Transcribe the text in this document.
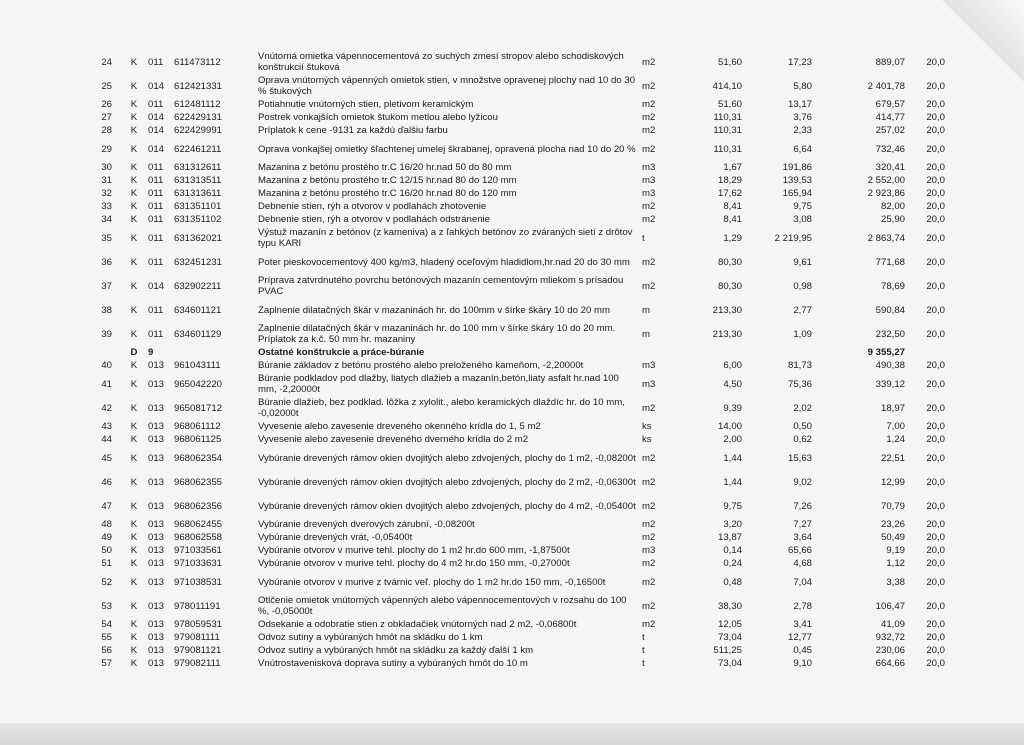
24	K	011	611473112	Vnútorná omietka vápennocementová zo suchých zmesí stropov alebo schodiskových konštrukcií štuková	m2	51,60	17,23	889,07	20,0
25	K	014	612421331	Oprava vnútorných vápenných omietok stien, v množstve opravenej plochy nad 10 do 30 % štukových	m2	414,10	5,80	2 401,78	20,0
26	K	011	612481112	Potiahnutie vnútorných stien, pletivom keramickým	m2	51,60	13,17	679,57	20,0
27	K	014	622429131	Postrek vonkajších omietok štukom metlou alebo lyžicou	m2	110,31	3,76	414,77	20,0
28	K	014	622429991	Príplatok k cene -9131 za každú ďalšiu farbu	m2	110,31	2,33	257,02	20,0
29	K	014	622461211	Oprava vonkajšej omietky šľachtenej umelej škrabanej, opravená plocha nad 10 do 20 %	m2	110,31	6,64	732,46	20,0
30	K	011	631312611	Mazanina z betónu prostého tr.C 16/20 hr.nad 50 do 80 mm	m3	1,67	191,86	320,41	20,0
31	K	011	631313511	Mazanina z betónu prostého tr.C 12/15 hr.nad 80 do 120 mm	m3	18,29	139,53	2 552,00	20,0
32	K	011	631313611	Mazanina z betónu prostého tr.C 16/20 hr.nad 80 do 120 mm	m3	17,62	165,94	2 923,86	20,0
33	K	011	631351101	Debnenie stien, rýh a otvorov v podlahách zhotovenie	m2	8,41	9,75	82,00	20,0
34	K	011	631351102	Debnenie stien, rýh a otvorov v podlahách odstránenie	m2	8,41	3,08	25,90	20,0
35	K	011	631362021	Výstuž mazanín z betónov (z kameniva) a z ľahkých betónov zo zváraných sietí z drôtov typu KARI	t	1,29	2 219,95	2 863,74	20,0
36	K	011	632451231	Poter pieskovocementový 400 kg/m3, hladený oceľovým hladidlom,hr.nad 20 do 30 mm	m2	80,30	9,61	771,68	20,0
37	K	014	632902211	Príprava zatvrdnutého povrchu betónových mazanín cementovým mliekom s prísadou PVAC	m2	80,30	0,98	78,69	20,0
38	K	011	634601121	Zaplnenie dilatačných škár v mazaninách hr. do 100mm v šírke škáry 10 do 20 mm	m	213,30	2,77	590,84	20,0
39	K	011	634601129	Zaplnenie dilatačných škár v mazaninách hr. do 100 mm v šírke škáry 10 do 20 mm. Príplatok za k.č. 50 mm hr. mazaniny	m	213,30	1,09	232,50	20,0
	D	9		Ostatné konštrukcie a práce-búranie				9 355,27	
40	K	013	961043111	Búranie základov z betónu prostého alebo preloženého kameňom, -2,20000t	m3	6,00	81,73	490,38	20,0
41	K	013	965042220	Búranie podkladov pod dlažby, liatych dlažieb a mazanín,betón,liaty asfalt hr.nad 100 mm, -2,20000t	m3	4,50	75,36	339,12	20,0
42	K	013	965081712	Búranie dlažieb, bez podklad. lôžka z xylolit., alebo keramických dlaždíc hr. do 10 mm, -0,02000t	m2	9,39	2,02	18,97	20,0
43	K	013	968061112	Vyvesenie alebo zavesenie dreveného okenného krídla do 1, 5 m2	ks	14,00	0,50	7,00	20,0
44	K	013	968061125	Vyvesenie alebo zavesenie dreveného dverného krídla do 2 m2	ks	2,00	0,62	1,24	20,0
45	K	013	968062354	Vybúranie drevených rámov okien dvojitých alebo zdvojených, plochy do 1 m2, -0,08200t	m2	1,44	15,63	22,51	20,0
46	K	013	968062355	Vybúranie drevených rámov okien dvojitých alebo zdvojených, plochy do 2 m2, -0,06300t	m2	1,44	9,02	12,99	20,0
47	K	013	968062356	Vybúranie drevených rámov okien dvojitých alebo zdvojených, plochy do 4 m2, -0,05400t	m2	9,75	7,26	70,79	20,0
48	K	013	968062455	Vybúranie drevených dverových zárubní, -0,08200t	m2	3,20	7,27	23,26	20,0
49	K	013	968062558	Vybúranie drevených vrát, -0,05400t	m2	13,87	3,64	50,49	20,0
50	K	013	971033561	Vybúranie otvorov v murive tehl. plochy do 1 m2 hr.do 600 mm, -1,87500t	m3	0,14	65,66	9,19	20,0
51	K	013	971033631	Vybúranie otvorov v murive tehl. plochy do 4 m2 hr.do 150 mm, -0,27000t	m2	0,24	4,68	1,12	20,0
52	K	013	971038531	Vybúranie otvorov v murive z tvárnic veľ. plochy do 1 m2 hr.do 150 mm, -0,16500t	m2	0,48	7,04	3,38	20,0
53	K	013	978011191	Otlčenie omietok vnútorných vápenných alebo vápennocementových v rozsahu do 100 %, -0,05000t	m2	38,30	2,78	106,47	20,0
54	K	013	978059531	Odsekanie a odobratie stien z obkladačiek vnútorných nad 2 m2, -0,06800t	m2	12,05	3,41	41,09	20,0
55	K	013	979081111	Odvoz sutiny a vybúraných hmôt na skládku do 1 km	t	73,04	12,77	932,72	20,0
56	K	013	979081121	Odvoz sutiny a vybúraných hmôt na skládku za každý ďalší 1 km	t	511,25	0,45	230,06	20,0
57	K	013	979082111	Vnútrostavenisková doprava sutiny a vybúraných hmôt do 10 m	t	73,04	9,10	664,66	20,0
